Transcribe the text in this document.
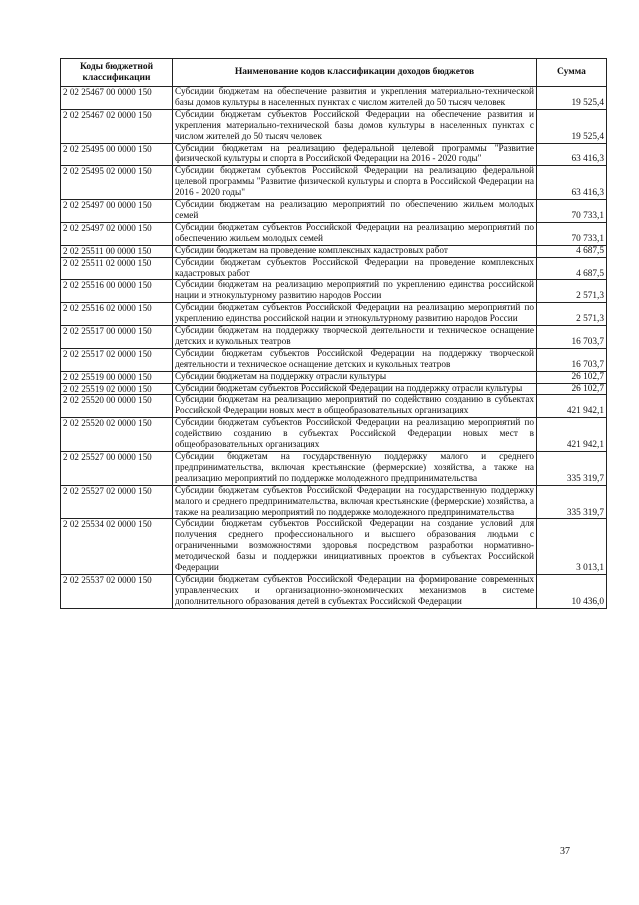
Коды бюджетной классификации	Наименование кодов классификации доходов бюджетов	Сумма
2 02 25467 00 0000 150	Субсидии бюджетам на обеспечение развития и укрепления материально-технической базы домов культуры в населенных пунктах с числом жителей до 50 тысяч человек	19 525,4
2 02 25467 02 0000 150	Субсидии бюджетам субъектов Российской Федерации на обеспечение развития и укрепления материально-технической базы домов культуры в населенных пунктах с числом жителей до 50 тысяч человек	19 525,4
2 02 25495 00 0000 150	Субсидии бюджетам на реализацию федеральной целевой программы "Развитие физической культуры и спорта в Российской Федерации на 2016 - 2020 годы"	63 416,3
2 02 25495 02 0000 150	Субсидии бюджетам субъектов Российской Федерации на реализацию федеральной целевой программы "Развитие физической культуры и спорта в Российской Федерации на 2016 - 2020 годы"	63 416,3
2 02 25497 00 0000 150	Субсидии бюджетам на реализацию мероприятий по обеспечению жильем молодых семей	70 733,1
2 02 25497 02 0000 150	Субсидии бюджетам субъектов Российской Федерации на реализацию мероприятий по обеспечению жильем молодых семей	70 733,1
2 02 25511 00 0000 150	Субсидии бюджетам на проведение комплексных кадастровых работ	4 687,5
2 02 25511 02 0000 150	Субсидии бюджетам субъектов Российской Федерации на проведение комплексных кадастровых работ	4 687,5
2 02 25516 00 0000 150	Субсидии бюджетам на реализацию мероприятий по укреплению единства российской нации и этнокультурному развитию народов России	2 571,3
2 02 25516 02 0000 150	Субсидии бюджетам субъектов Российской Федерации на реализацию мероприятий по укреплению единства российской нации и этнокультурному развитию народов России	2 571,3
2 02 25517 00 0000 150	Субсидии бюджетам на поддержку творческой деятельности и техническое оснащение детских и кукольных театров	16 703,7
2 02 25517 02 0000 150	Субсидии бюджетам субъектов Российской Федерации на поддержку творческой деятельности и техническое оснащение детских и кукольных театров	16 703,7
2 02 25519 00 0000 150	Субсидии бюджетам на поддержку отрасли культуры	26 102,7
2 02 25519 02 0000 150	Субсидии бюджетам субъектов Российской Федерации на поддержку отрасли культуры	26 102,7
2 02 25520 00 0000 150	Субсидии бюджетам на реализацию мероприятий по содействию созданию в субъектах Российской Федерации новых мест в общеобразовательных организациях	421 942,1
2 02 25520 02 0000 150	Субсидии бюджетам субъектов Российской Федерации на реализацию мероприятий по содействию созданию в субъектах Российской Федерации новых мест в общеобразовательных организациях	421 942,1
2 02 25527 00 0000 150	Субсидии бюджетам на государственную поддержку малого и среднего предпринимательства, включая крестьянские (фермерские) хозяйства, а также на реализацию мероприятий по поддержке молодежного предпринимательства	335 319,7
2 02 25527 02 0000 150	Субсидии бюджетам субъектов Российской Федерации на государственную поддержку малого и среднего предпринимательства, включая крестьянские (фермерские) хозяйства, а также на реализацию мероприятий по поддержке молодежного предпринимательства	335 319,7
2 02 25534 02 0000 150	Субсидии бюджетам субъектов Российской Федерации на создание условий для получения среднего профессионального и высшего образования людьми с ограниченными возможностями здоровья посредством разработки нормативно-методической базы и поддержки инициативных проектов в субъектах Российской Федерации	3 013,1
2 02 25537 02 0000 150	Субсидии бюджетам субъектов Российской Федерации на формирование современных управленческих и организационно-экономических механизмов в системе дополнительного образования детей в субъектах Российской Федерации	10 436,0
37
